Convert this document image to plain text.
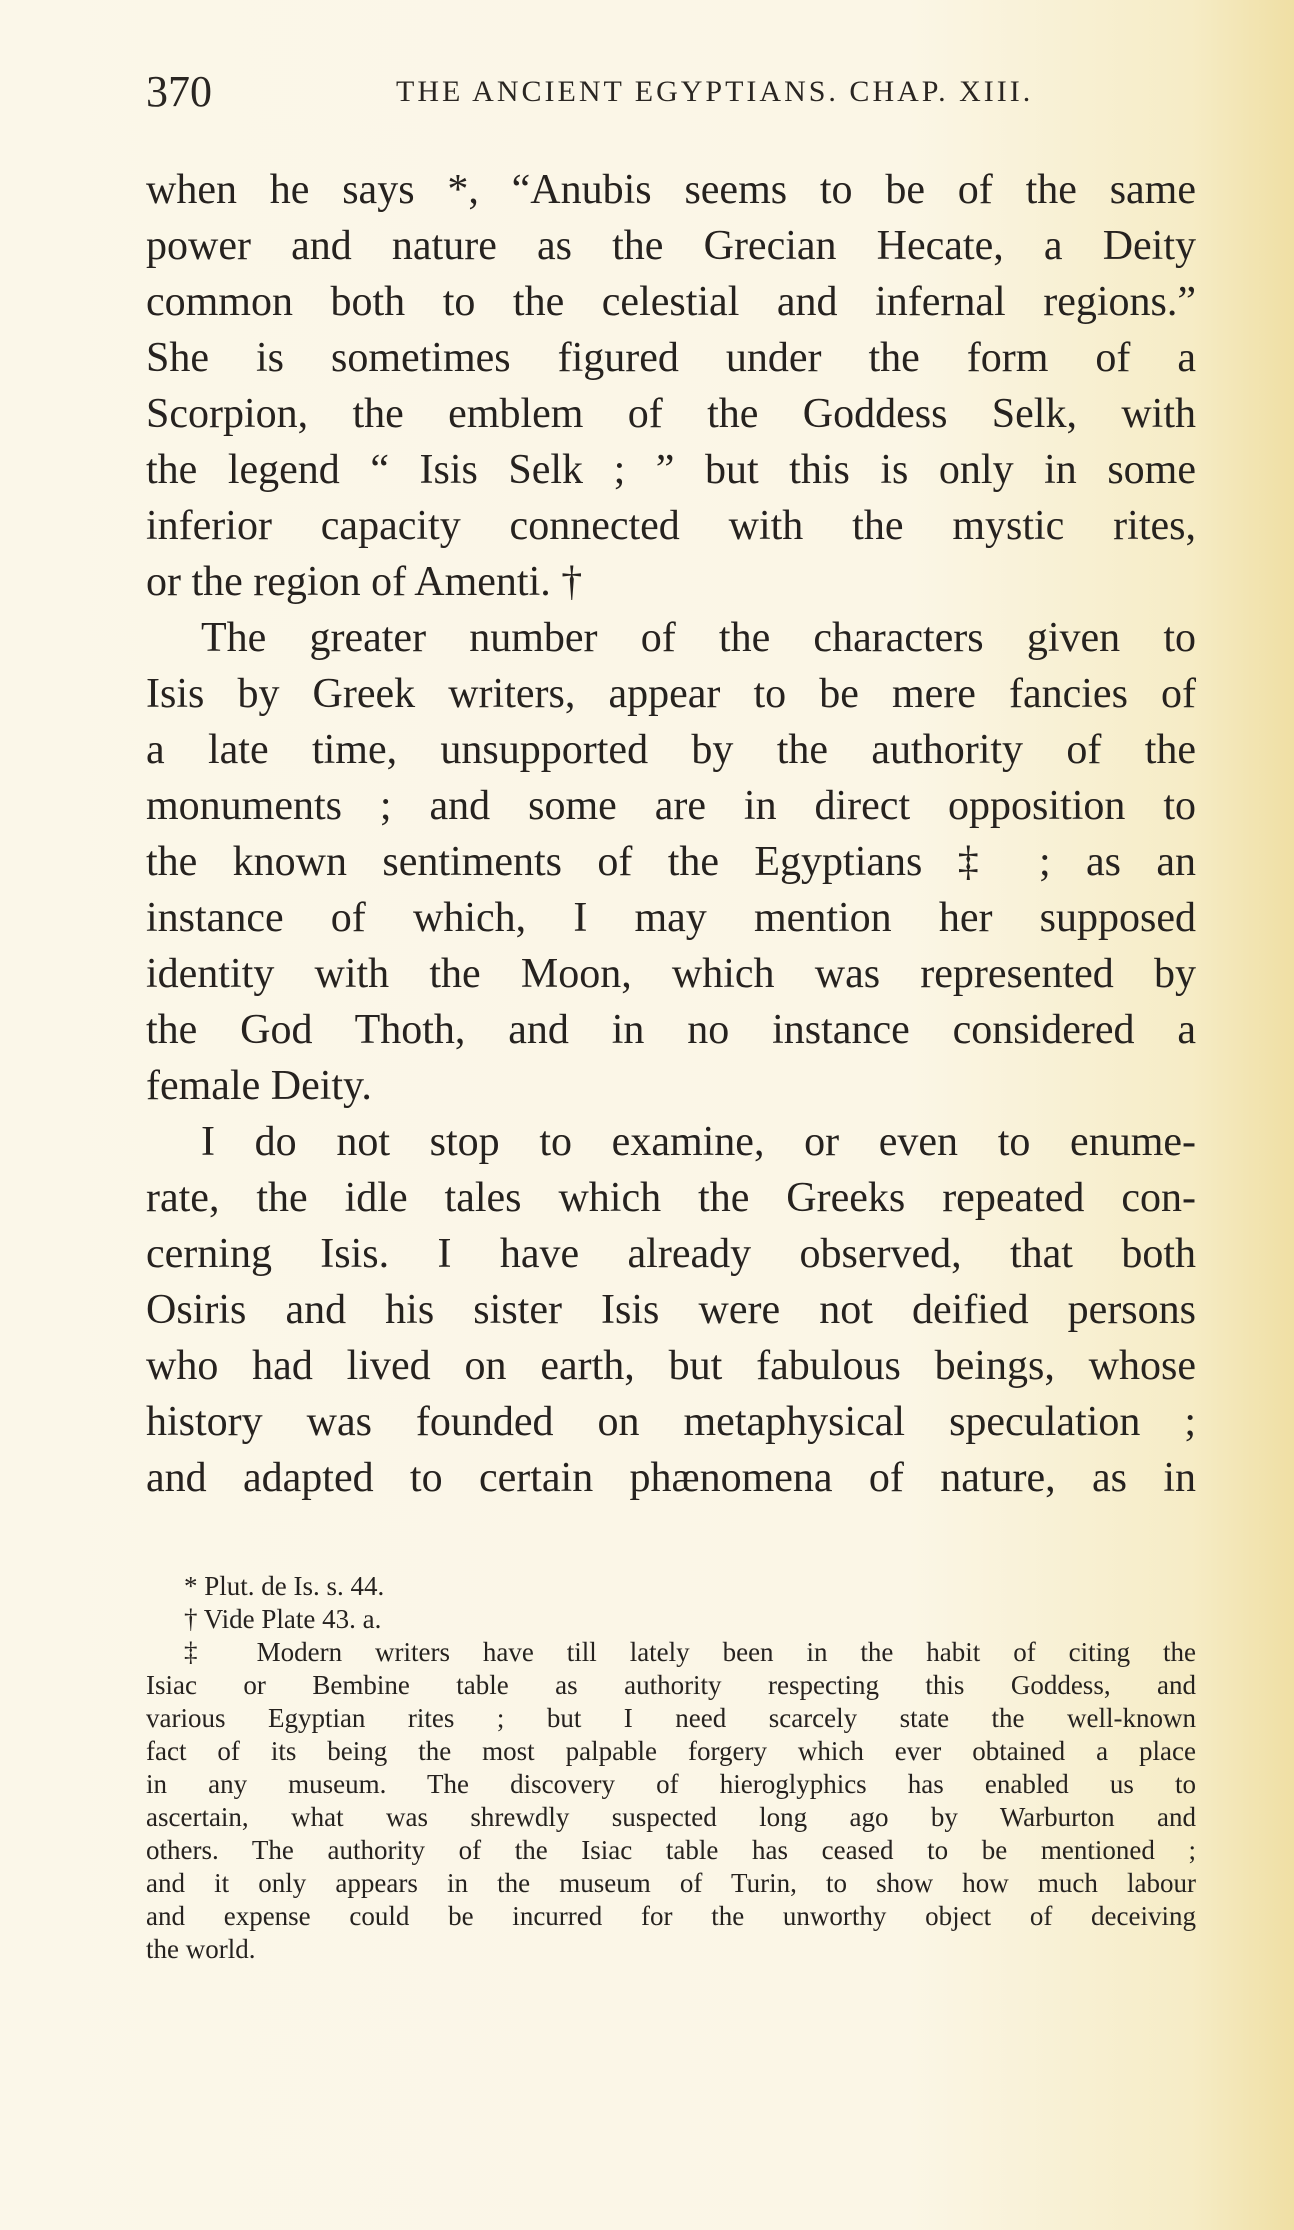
370	THE ANCIENT EGYPTIANS. CHAP. XIII.
when he says *, “Anubis seems to be of the same
power and nature as the Grecian Hecate, a Deity
common both to the celestial and infernal regions.”
She is sometimes figured under the form of a
Scorpion, the emblem of the Goddess Selk, with
the legend “ Isis Selk ; ” but this is only in some
inferior capacity connected with the mystic rites,
or the region of Amenti. †
The greater number of the characters given to
Isis by Greek writers, appear to be mere fancies of
a late time, unsupported by the authority of the
monuments ; and some are in direct opposition to
the known sentiments of the Egyptians ‡ ; as an
instance of which, I may mention her supposed
identity with the Moon, which was represented by
the God Thoth, and in no instance considered a
female Deity.
I do not stop to examine, or even to enume-
rate, the idle tales which the Greeks repeated con-
cerning Isis. I have already observed, that both
Osiris and his sister Isis were not deified persons
who had lived on earth, but fabulous beings, whose
history was founded on metaphysical speculation ;
and adapted to certain phænomena of nature, as in
* Plut. de Is. s. 44.
† Vide Plate 43. a.
‡ Modern writers have till lately been in the habit of citing the
Isiac or Bembine table as authority respecting this Goddess, and
various Egyptian rites ; but I need scarcely state the well-known
fact of its being the most palpable forgery which ever obtained a place
in any museum. The discovery of hieroglyphics has enabled us to
ascertain, what was shrewdly suspected long ago by Warburton and
others. The authority of the Isiac table has ceased to be mentioned ;
and it only appears in the museum of Turin, to show how much labour
and expense could be incurred for the unworthy object of deceiving
the world.
